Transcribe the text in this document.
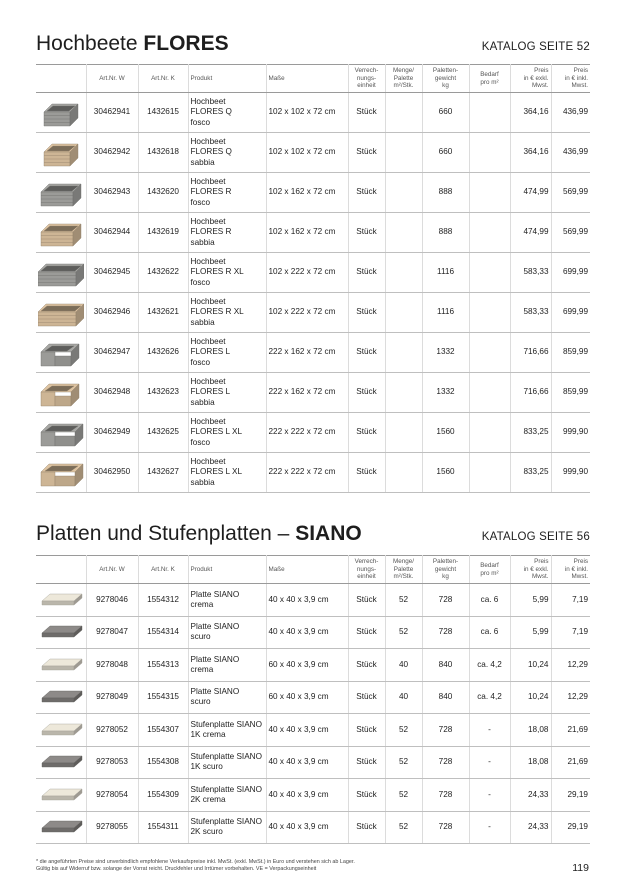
Hochbeete FLORES	KATALOG SEITE 52
	Art.Nr. W	Art.Nr. K	Produkt	Maße	Verrech-
nungs-
einheit	Menge/
Palette
m²/Stk.	Paletten-
gewicht
kg	Bedarf
pro m²	Preis
in € exkl.
Mwst.	Preis
in € inkl.
Mwst.

	30462941	1432615	Hochbeet
FLORES Q
fosco	102 x 102 x 72 cm	Stück		660		364,16	436,99

	30462942	1432618	Hochbeet
FLORES Q
sabbia	102 x 102 x 72 cm	Stück		660		364,16	436,99

	30462943	1432620	Hochbeet
FLORES R
fosco	102 x 162 x 72 cm	Stück		888		474,99	569,99

	30462944	1432619	Hochbeet
FLORES R
sabbia	102 x 162 x 72 cm	Stück		888		474,99	569,99

	30462945	1432622	Hochbeet
FLORES R XL
fosco	102 x 222 x 72 cm	Stück		1116		583,33	699,99

	30462946	1432621	Hochbeet
FLORES R XL
sabbia	102 x 222 x 72 cm	Stück		1116		583,33	699,99

	30462947	1432626	Hochbeet
FLORES L
fosco	222 x 162 x 72 cm	Stück		1332		716,66	859,99

	30462948	1432623	Hochbeet
FLORES L
sabbia	222 x 162 x 72 cm	Stück		1332		716,66	859,99

	30462949	1432625	Hochbeet
FLORES L XL
fosco	222 x 222 x 72 cm	Stück		1560		833,25	999,90

	30462950	1432627	Hochbeet
FLORES L XL
sabbia	222 x 222 x 72 cm	Stück		1560		833,25	999,90
Platten und Stufenplatten – SIANO	KATALOG SEITE 56
	Art.Nr. W	Art.Nr. K	Produkt	Maße	Verrech-
nungs-
einheit	Menge/
Palette
m²/Stk.	Paletten-
gewicht
kg	Bedarf
pro m²	Preis
in € exkl.
Mwst.	Preis
in € inkl.
Mwst.

	9278046	1554312	Platte SIANO
crema	40 x 40 x 3,9 cm	Stück	52	728	ca. 6	5,99	7,19

	9278047	1554314	Platte SIANO
scuro	40 x 40 x 3,9 cm	Stück	52	728	ca. 6	5,99	7,19

	9278048	1554313	Platte SIANO
crema	60 x 40 x 3,9 cm	Stück	40	840	ca. 4,2	10,24	12,29

	9278049	1554315	Platte SIANO
scuro	60 x 40 x 3,9 cm	Stück	40	840	ca. 4,2	10,24	12,29

	9278052	1554307	Stufenplatte SIANO
1K crema	40 x 40 x 3,9 cm	Stück	52	728	-	18,08	21,69

	9278053	1554308	Stufenplatte SIANO
1K scuro	40 x 40 x 3,9 cm	Stück	52	728	-	18,08	21,69

	9278054	1554309	Stufenplatte SIANO
2K crema	40 x 40 x 3,9 cm	Stück	52	728	-	24,33	29,19

	9278055	1554311	Stufenplatte SIANO
2K scuro	40 x 40 x 3,9 cm	Stück	52	728	-	24,33	29,19
* die angeführten Preise sind unverbindlich empfohlene Verkaufspreise inkl. MwSt. (exkl. MwSt.) in Euro und verstehen sich ab Lager.
Gültig bis auf Widerruf bzw. solange der Vorrat reicht. Druckfehler und Irrtümer vorbehalten. VE = Verpackungseinheit	119
